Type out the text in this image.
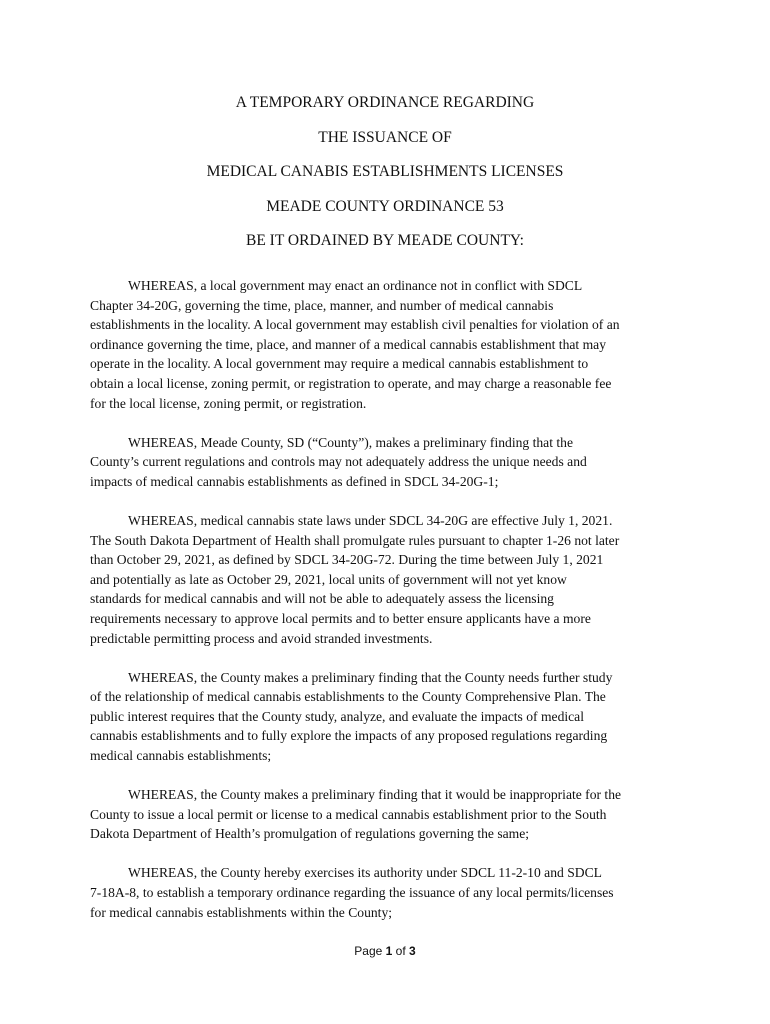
A TEMPORARY ORDINANCE REGARDING
THE ISSUANCE OF
MEDICAL CANABIS ESTABLISHMENTS LICENSES
MEADE COUNTY ORDINANCE 53
BE IT ORDAINED BY MEADE COUNTY:

WHEREAS, a local government may enact an ordinance not in conflict with SDCL
Chapter 34-20G, governing the time, place, manner, and number of medical cannabis
establishments in the locality. A local government may establish civil penalties for violation of an
ordinance governing the time, place, and manner of a medical cannabis establishment that may
operate in the locality. A local government may require a medical cannabis establishment to
obtain a local license, zoning permit, or registration to operate, and may charge a reasonable fee
for the local license, zoning permit, or registration.

WHEREAS, Meade County, SD (“County”), makes a preliminary finding that the
County’s current regulations and controls may not adequately address the unique needs and
impacts of medical cannabis establishments as defined in SDCL 34-20G-1;

WHEREAS, medical cannabis state laws under SDCL 34-20G are effective July 1, 2021.
The South Dakota Department of Health shall promulgate rules pursuant to chapter 1-26 not later
than October 29, 2021, as defined by SDCL 34-20G-72. During the time between July 1, 2021
and potentially as late as October 29, 2021, local units of government will not yet know
standards for medical cannabis and will not be able to adequately assess the licensing
requirements necessary to approve local permits and to better ensure applicants have a more
predictable permitting process and avoid stranded investments.

WHEREAS, the County makes a preliminary finding that the County needs further study
of the relationship of medical cannabis establishments to the County Comprehensive Plan. The
public interest requires that the County study, analyze, and evaluate the impacts of medical
cannabis establishments and to fully explore the impacts of any proposed regulations regarding
medical cannabis establishments;

WHEREAS, the County makes a preliminary finding that it would be inappropriate for the
County to issue a local permit or license to a medical cannabis establishment prior to the South
Dakota Department of Health’s promulgation of regulations governing the same;

WHEREAS, the County hereby exercises its authority under SDCL 11-2-10 and SDCL
7-18A-8, to establish a temporary ordinance regarding the issuance of any local permits/licenses
for medical cannabis establishments within the County;

Page 1 of 3
